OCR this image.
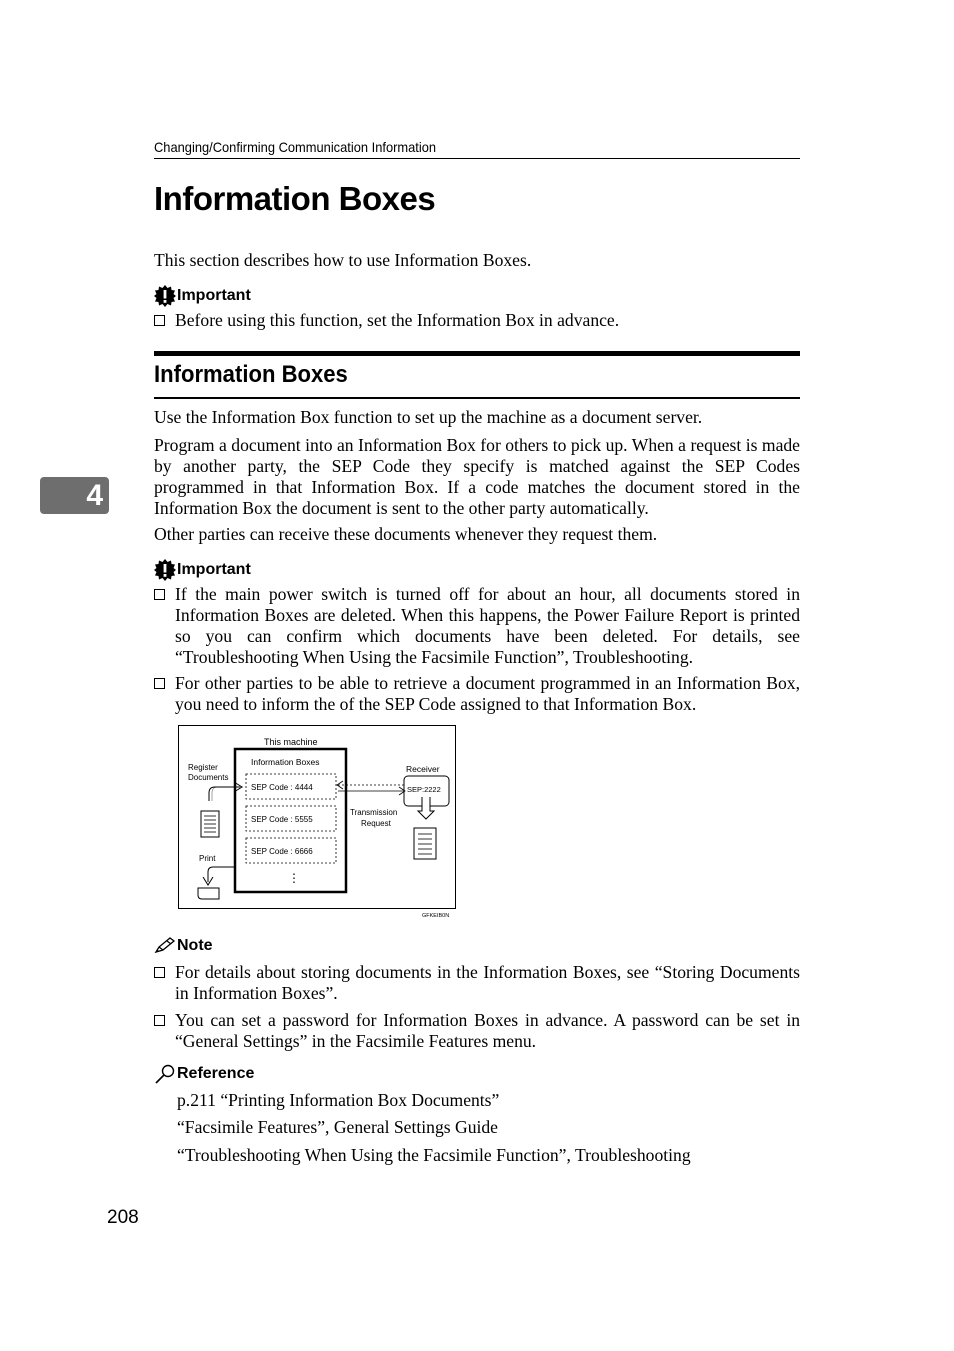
Changing/Confirming Communication Information
Information Boxes
This section describes how to use Information Boxes.
Important
Before using this function, set the Information Box in advance.
Information Boxes
Use the Information Box function to set up the machine as a document server.
Program a document into an Information Box for others to pick up. When a request is made by another party, the SEP Code they specify is matched against the SEP Codes programmed in that Information Box. If a code matches the document stored in the Information Box the document is sent to the other party automatically.
Other parties can receive these documents whenever they request them.
4
Important
If the main power switch is turned off for about an hour, all documents stored in Information Boxes are deleted. When this happens, the Power Failure Report is printed so you can confirm which documents have been deleted. For details, see “Troubleshooting When Using the Facsimile Function”, Troubleshooting.
For other parties to be able to retrieve a document programmed in an Information Box, you need to inform the of the SEP Code assigned to that Information Box.
This machine
Information Boxes
SEP Code : 4444
SEP Code : 5555
SEP Code : 6666
⋮
Register
Documents
Print
Receiver
SEP:2222
Transmission
Request
GFKEIB0N
Note
For details about storing documents in the Information Boxes, see “Storing Documents in Information Boxes”.
You can set a password for Information Boxes in advance. A password can be set in “General Settings” in the Facsimile Features menu.
Reference
p.211 “Printing Information Box Documents”
“Facsimile Features”, General Settings Guide
“Troubleshooting When Using the Facsimile Function”, Troubleshooting
208
